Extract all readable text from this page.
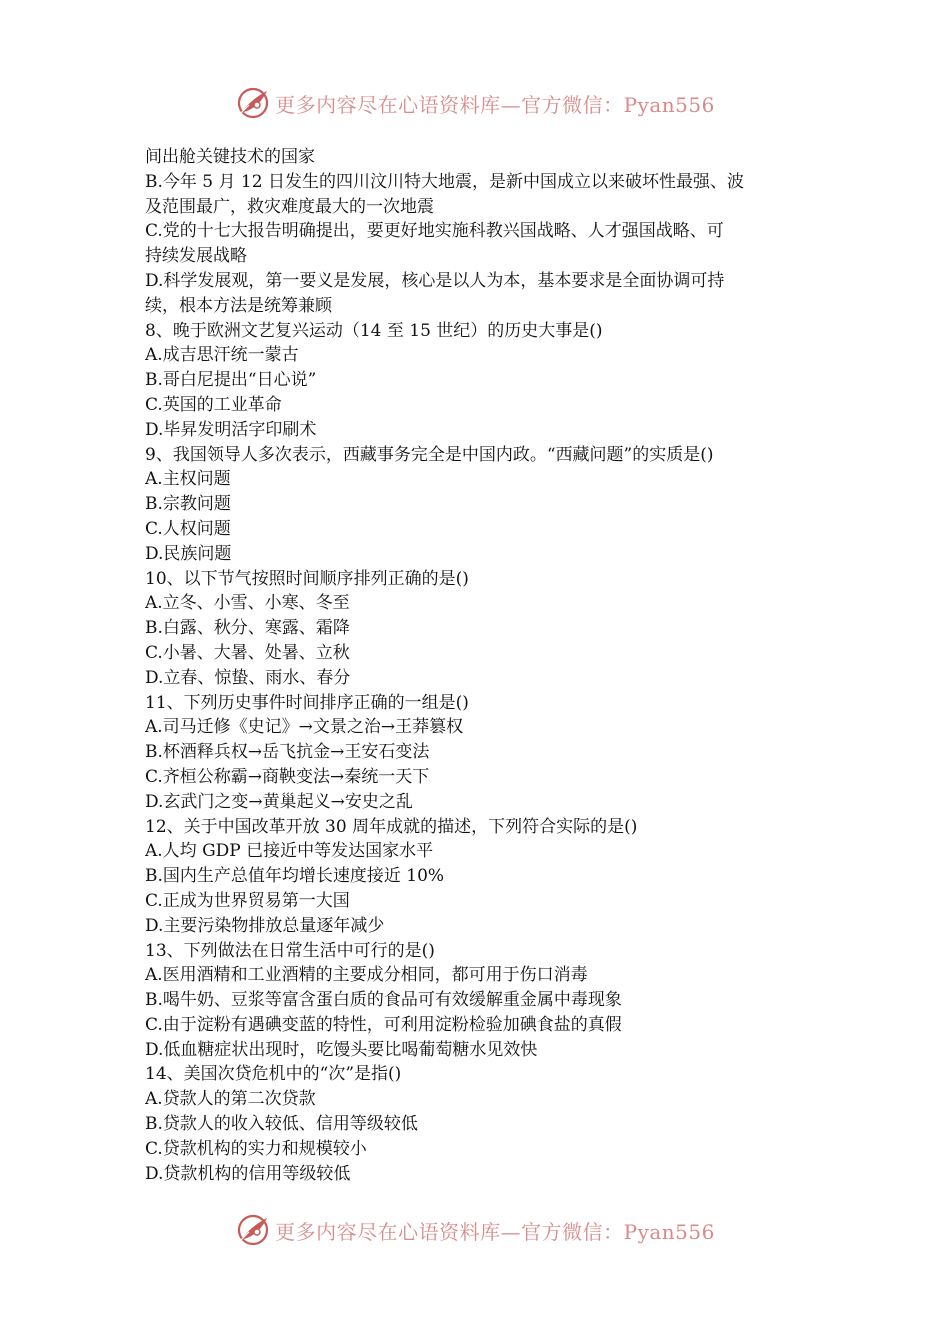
更多内容尽在心语资料库—官方微信：Pyan556
间出舱关键技术的国家
B.今年 5 月 12 日发生的四川汶川特大地震，是新中国成立以来破坏性最强、波
及范围最广，救灾难度最大的一次地震
C.党的十七大报告明确提出，要更好地实施科教兴国战略、人才强国战略、可
持续发展战略
D.科学发展观，第一要义是发展，核心是以人为本，基本要求是全面协调可持
续，根本方法是统筹兼顾
8、晚于欧洲文艺复兴运动（14 至 15 世纪）的历史大事是()
A.成吉思汗统一蒙古
B.哥白尼提出“日心说”
C.英国的工业革命
D.毕昇发明活字印刷术
9、我国领导人多次表示，西藏事务完全是中国内政。“西藏问题”的实质是()
A.主权问题
B.宗教问题
C.人权问题
D.民族问题
10、以下节气按照时间顺序排列正确的是()
A.立冬、小雪、小寒、冬至
B.白露、秋分、寒露、霜降
C.小暑、大暑、处暑、立秋
D.立春、惊蛰、雨水、春分
11、下列历史事件时间排序正确的一组是()
A.司马迁修《史记》→文景之治→王莽篡权
B.杯酒释兵权→岳飞抗金→王安石变法
C.齐桓公称霸→商鞅变法→秦统一天下
D.玄武门之变→黄巢起义→安史之乱
12、关于中国改革开放 30 周年成就的描述，下列符合实际的是()
A.人均 GDP 已接近中等发达国家水平
B.国内生产总值年均增长速度接近 10%
C.正成为世界贸易第一大国
D.主要污染物排放总量逐年减少
13、下列做法在日常生活中可行的是()
A.医用酒精和工业酒精的主要成分相同，都可用于伤口消毒
B.喝牛奶、豆浆等富含蛋白质的食品可有效缓解重金属中毒现象
C.由于淀粉有遇碘变蓝的特性，可利用淀粉检验加碘食盐的真假
D.低血糖症状出现时，吃馒头要比喝葡萄糖水见效快
14、美国次贷危机中的“次”是指()
A.贷款人的第二次贷款
B.贷款人的收入较低、信用等级较低
C.贷款机构的实力和规模较小
D.贷款机构的信用等级较低
更多内容尽在心语资料库—官方微信：Pyan556
